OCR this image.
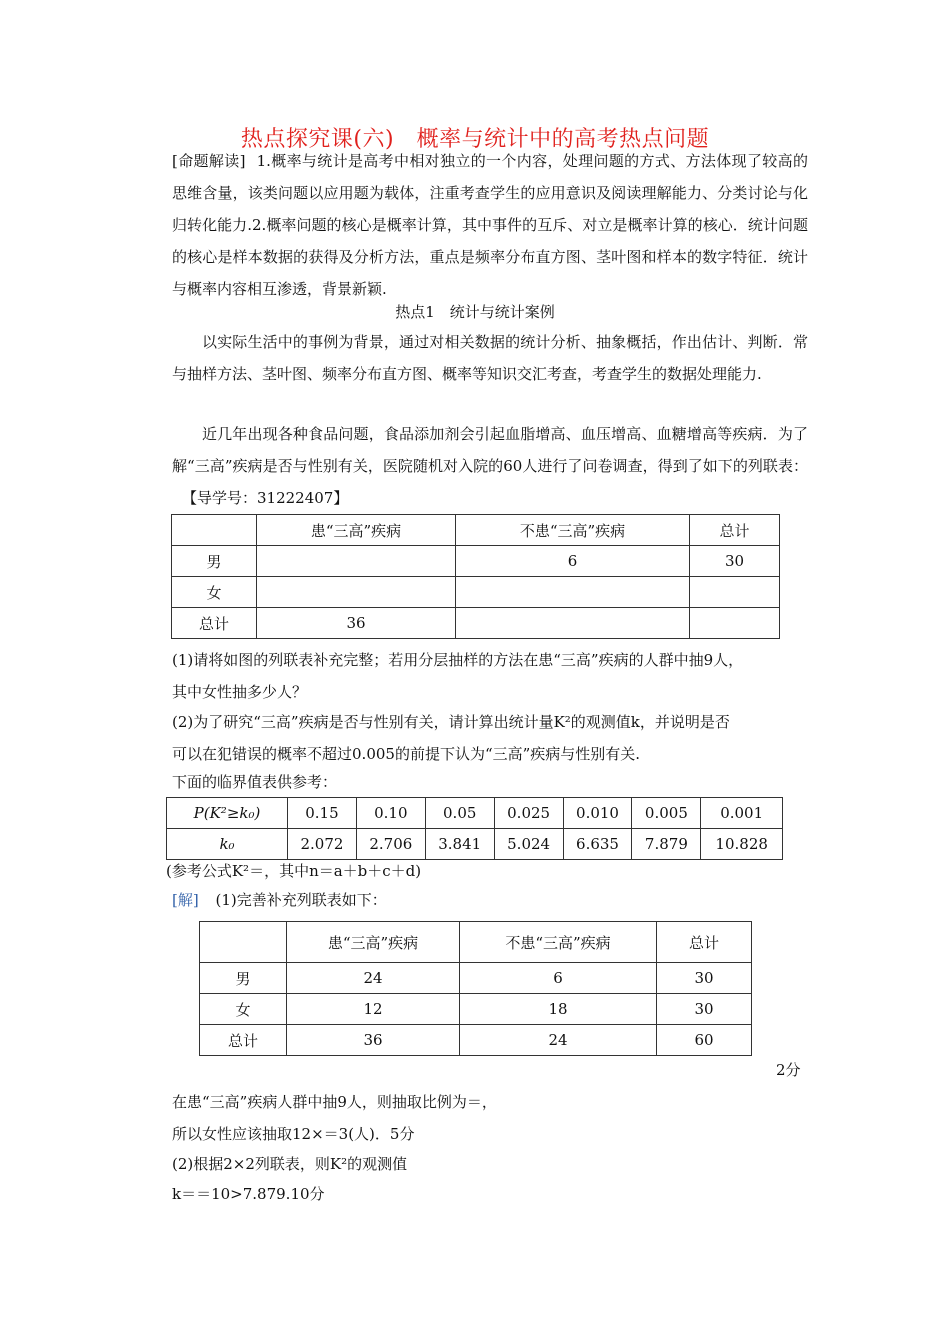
热点探究课(六)　概率与统计中的高考热点问题
[命题解读] 1.概率与统计是高考中相对独立的一个内容，处理问题的方式、方法体现了较高的思维含量，该类问题以应用题为载体，注重考查学生的应用意识及阅读理解能力、分类讨论与化归转化能力.2.概率问题的核心是概率计算，其中事件的互斥、对立是概率计算的核心．统计问题的核心是样本数据的获得及分析方法，重点是频率分布直方图、茎叶图和样本的数字特征．统计与概率内容相互渗透，背景新颖.
热点1　统计与统计案例
以实际生活中的事例为背景，通过对相关数据的统计分析、抽象概括，作出估计、判断．常与抽样方法、茎叶图、频率分布直方图、概率等知识交汇考查，考查学生的数据处理能力.
近几年出现各种食品问题，食品添加剂会引起血脂增高、血压增高、血糖增高等疾病．为了解“三高”疾病是否与性别有关，医院随机对入院的60人进行了问卷调查，得到了如下的列联表： 【导学号：31222407】
	患“三高”疾病	不患“三高”疾病	总计
男		6	30
女			
总计	36		
(1)请将如图的列联表补充完整；若用分层抽样的方法在患“三高”疾病的人群中抽9人，
其中女性抽多少人？
(2)为了研究“三高”疾病是否与性别有关，请计算出统计量K²的观测值k，并说明是否
可以在犯错误的概率不超过0.005的前提下认为“三高”疾病与性别有关.
下面的临界值表供参考：
P(K²≥k₀)	0.15	0.10	0.05	0.025	0.010	0.005	0.001
k₀	2.072	2.706	3.841	5.024	6.635	7.879	10.828
(参考公式K²＝，其中n＝a＋b＋c＋d)
[解] (1)完善补充列联表如下：
	患“三高”疾病	不患“三高”疾病	总计
男	24	6	30
女	12	18	30
总计	36	24	60
2分
在患“三高”疾病人群中抽9人，则抽取比例为＝，
所以女性应该抽取12×＝3(人)．5分
(2)根据2×2列联表，则K²的观测值
k＝＝10>7.879.10分
